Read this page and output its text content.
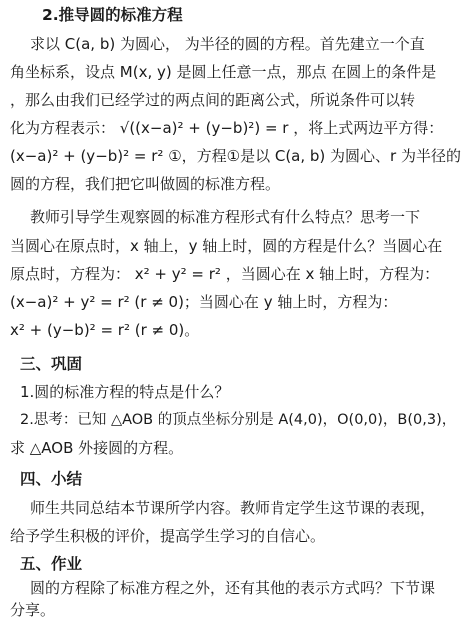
2.推导圆的标准方程
求以 C(a, b) 为圆心， 为半径的圆的方程。首先建立一个直
角坐标系，设点 M(x, y) 是圆上任意一点，那点 在圆上的条件是
，那么由我们已经学过的两点间的距离公式，所说条件可以转
化为方程表示： √((x−a)² + (y−b)²) = r ，将上式两边平方得：
(x−a)² + (y−b)² = r² ①，方程①是以 C(a, b) 为圆心、r 为半径的
圆的方程，我们把它叫做圆的标准方程。
教师引导学生观察圆的标准方程形式有什么特点？思考一下
当圆心在原点时，x 轴上，y 轴上时，圆的方程是什么？当圆心在
原点时，方程为： x² + y² = r² ，当圆心在 x 轴上时，方程为：
(x−a)² + y² = r² (r ≠ 0)；当圆心在 y 轴上时，方程为：
x² + (y−b)² = r² (r ≠ 0)。
三、巩固
1.圆的标准方程的特点是什么？
2.思考：已知 △AOB 的顶点坐标分别是 A(4,0)，O(0,0)，B(0,3)，
求 △AOB 外接圆的方程。
四、小结
师生共同总结本节课所学内容。教师肯定学生这节课的表现，
给予学生积极的评价，提高学生学习的自信心。
五、作业
圆的方程除了标准方程之外，还有其他的表示方式吗？下节课
分享。
